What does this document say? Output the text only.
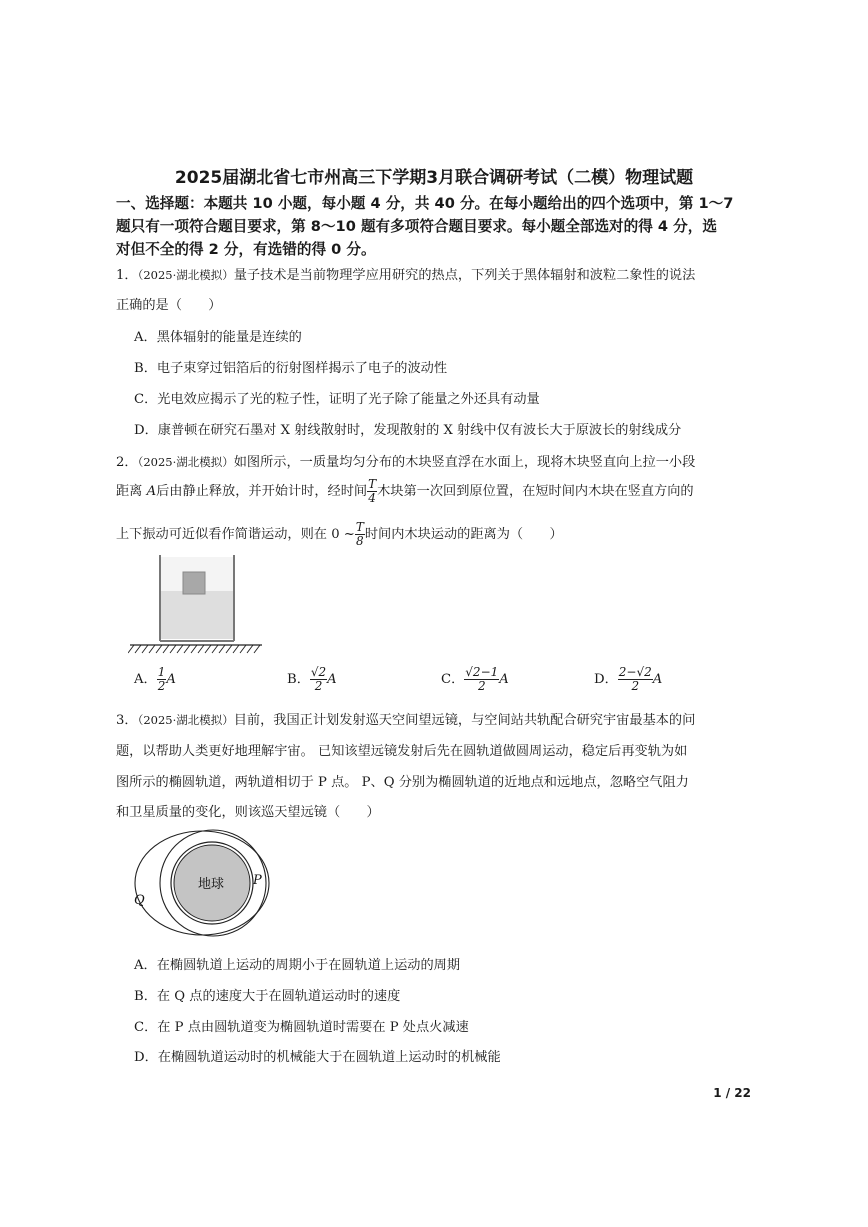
2025届湖北省七市州高三下学期3月联合调研考试（二模）物理试题
一、选择题：本题共 10 小题，每小题 4 分，共 40 分。在每小题给出的四个选项中，第 1～7
题只有一项符合题目要求，第 8～10 题有多项符合题目要求。每小题全部选对的得 4 分，选
对但不全的得 2 分，有选错的得 0 分。
1．（2025·湖北模拟）量子技术是当前物理学应用研究的热点，下列关于黑体辐射和波粒二象性的说法
正确的是（　　）
A．黑体辐射的能量是连续的
B．电子束穿过铝箔后的衍射图样揭示了电子的波动性
C．光电效应揭示了光的粒子性，证明了光子除了能量之外还具有动量
D．康普顿在研究石墨对 X 射线散射时，发现散射的 X 射线中仅有波长大于原波长的射线成分
2．（2025·湖北模拟）如图所示，一质量均匀分布的木块竖直浮在水面上，现将木块竖直向上拉一小段
距离 A后由静止释放，并开始计时，经时间 $\frac{T}{4}$ 木块第一次回到原位置，在短时间内木块在竖直方向的
上下振动可近似看作简谐运动，则在 0 ~ $\frac{T}{8}$ 时间内木块运动的距离为（　　）
A． $\frac{1}{2}$ A	B． $\frac{√2}{2}$ A	C． $\frac{√2-1}{2}$ A	D． $\frac{2-√2}{2}$ A
3．（2025·湖北模拟）目前，我国正计划发射巡天空间望远镜，与空间站共轨配合研究宇宙最基本的问
题，以帮助人类更好地理解宇宙。 已知该望远镜发射后先在圆轨道做圆周运动，稳定后再变轨为如
图所示的椭圆轨道，两轨道相切于 P 点。 P、Q 分别为椭圆轨道的近地点和远地点，忽略空气阻力
和卫星质量的变化，则该巡天望远镜（　　）
地球 P
Q
A．在椭圆轨道上运动的周期小于在圆轨道上运动的周期
B．在 Q 点的速度大于在圆轨道运动时的速度
C．在 P 点由圆轨道变为椭圆轨道时需要在 P 处点火减速
D．在椭圆轨道运动时的机械能大于在圆轨道上运动时的机械能
1 / 22
